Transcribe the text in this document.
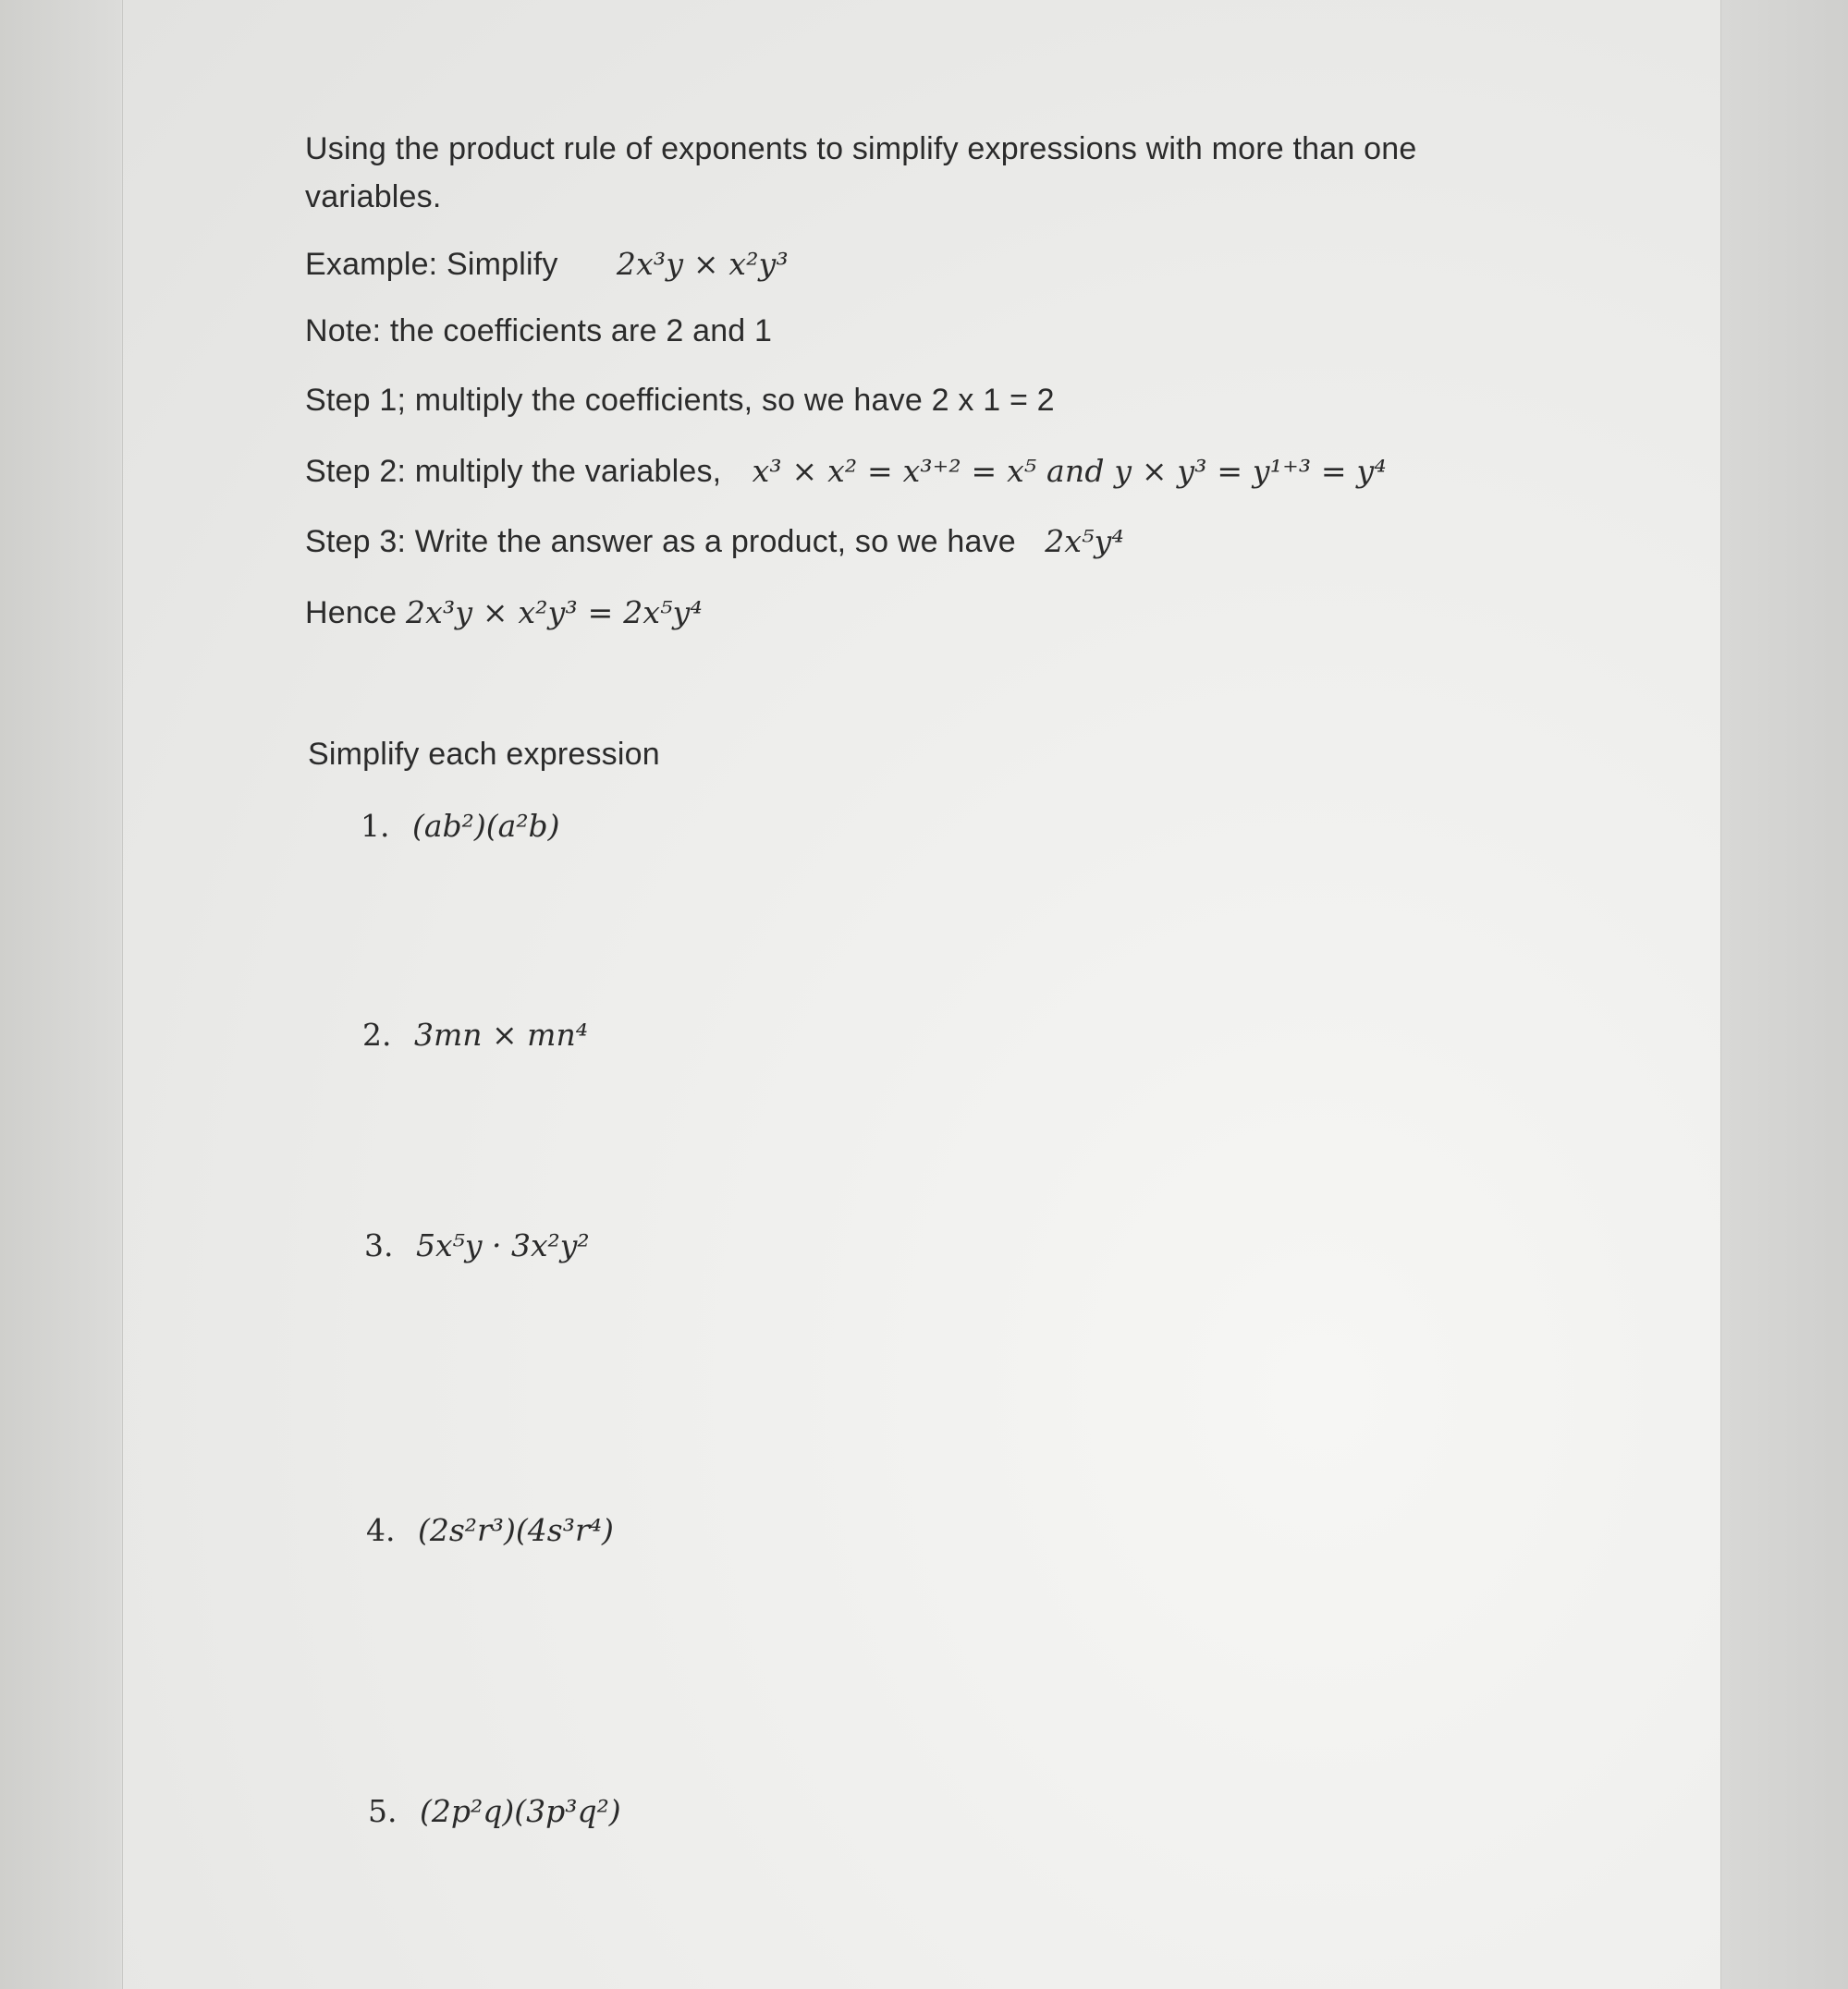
Using the product rule of exponents to simplify expressions with more than one
variables.
Example: Simplify 2x³y × x²y³
Note: the coefficients are 2 and 1
Step 1; multiply the coefficients, so we have 2 x 1 = 2
Step 2: multiply the variables, x³ × x² = x³⁺² = x⁵ and y × y³ = y¹⁺³ = y⁴
Step 3: Write the answer as a product, so we have 2x⁵y⁴
Hence 2x³y × x²y³ = 2x⁵y⁴
Simplify each expression
1. (ab²)(a²b)
2. 3mn × mn⁴
3. 5x⁵y · 3x²y²
4. (2s²r³)(4s³r⁴)
5. (2p²q)(3p³q²)
